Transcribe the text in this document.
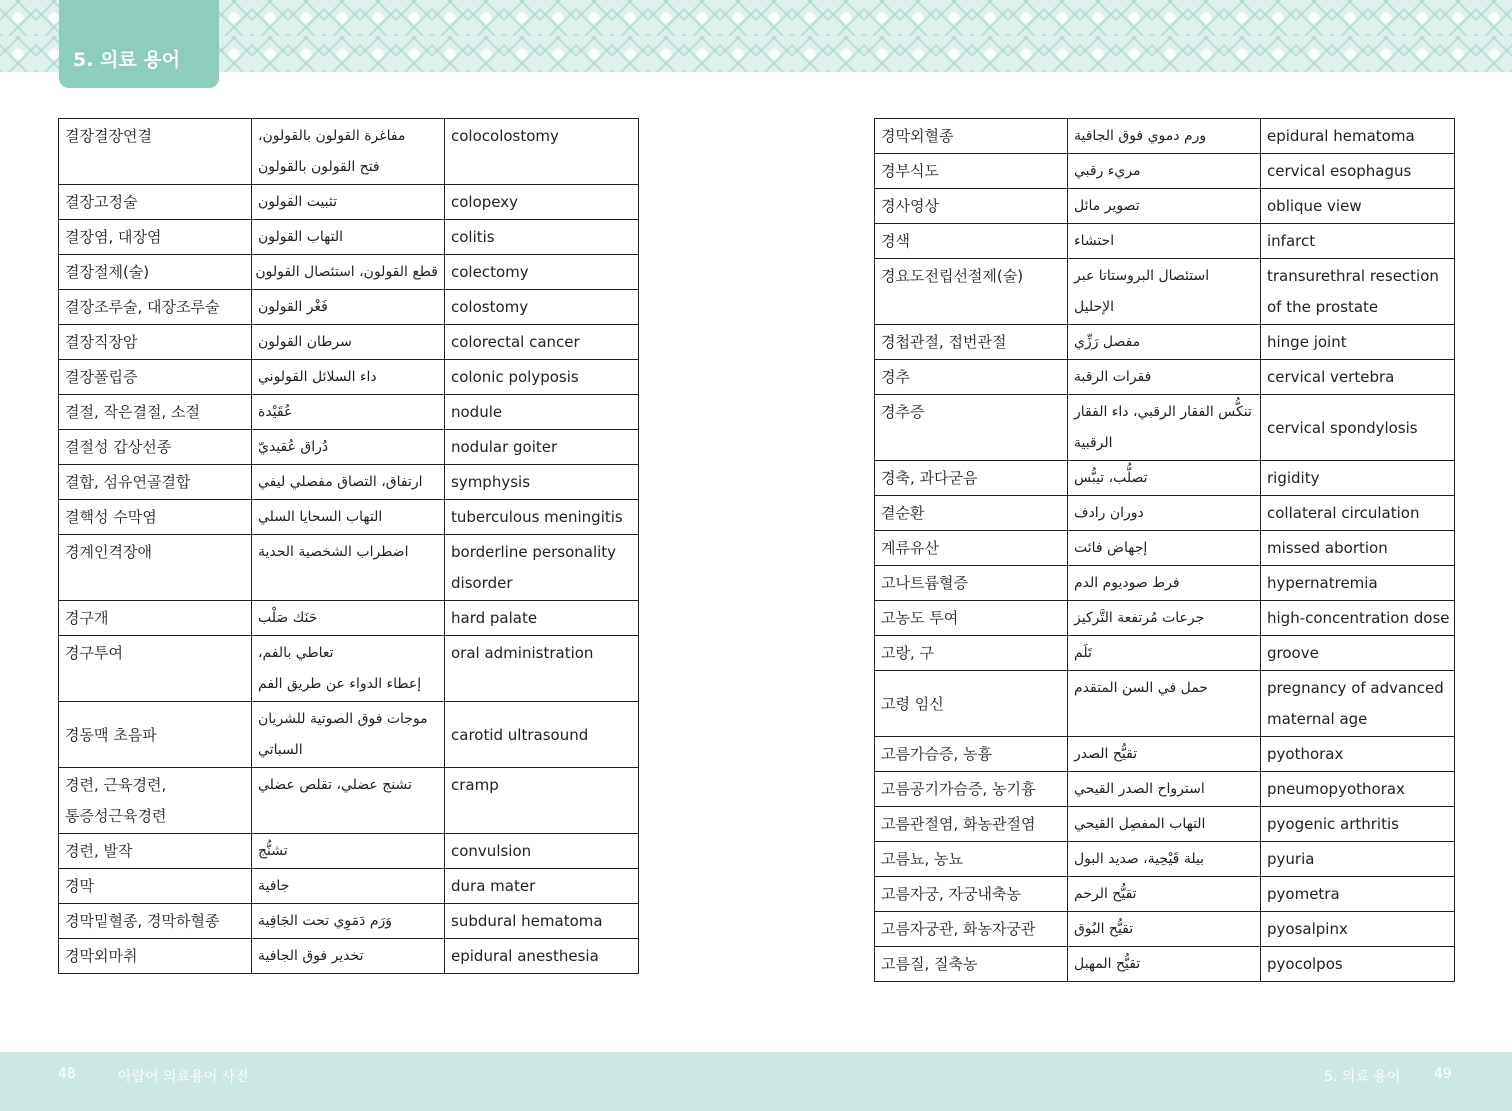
5. 의료 용어
결장결장연결	مفاغرة القولون بالقولون،
فتح القولون بالقولون	colocolostomy

결장고정술	تثبيت القولون	colopexy

결장염, 대장염	التهاب القولون	colitis

결장절제(술)	قطع القولون، استئصال القولون	colectomy

결장조루술, 대장조루술	فَغْر القولون	colostomy

결장직장암	سرطان القولون	colorectal cancer

결장폴립증	داء السلائل القولوني	colonic polyposis

결절, 작은결절, 소절	عُقَيْدة	nodule

결절성 갑상선종	دُراق عُقيديّ	nodular goiter

결합, 섬유연골결합	ارتفاق، التصاق مفصلي ليفي	symphysis

결핵성 수막염	التهاب السحايا السلي	tuberculous meningitis

경계인격장애	اضطراب الشخصية الحدية	borderline personality
disorder

경구개	حَنَك صَلْب	hard palate

경구투여	تعاطي بالفم،
إعطاء الدواء عن طريق الفم	oral administration

경동맥 초음파	موجات فوق الصوتية للشريان
السباتي	carotid ultrasound

경련, 근육경련,
통증성근육경련	تشنج عضلي، تقلص عضلي	cramp

경련, 발작	تشنُّج	convulsion

경막	جافية	dura mater

경막밑혈종, 경막하혈종	وَرَم دَمَوِي تحت الجَافِية	subdural hematoma

경막외마취	تخدير فوق الجافية	epidural anesthesia
경막외혈종	ورم دموي فوق الجافية	epidural hematoma

경부식도	مريء رقبي	cervical esophagus

경사영상	تصوير مائل	oblique view

경색	احتشاء	infarct

경요도전립선절제(술)	استئصال البروستاتا عبر
الإحليل	transurethral resection
of the prostate

경첩관절, 접번관절	مفصل رَزِّي	hinge joint

경추	فقرات الرقبة	cervical vertebra

경추증	تنكُّس الفقار الرقبي، داء الفقار
الرقبية	cervical spondylosis

경축, 과다굳음	تصلُّب، تيبُّس	rigidity

곁순환	دوران رادف	collateral circulation

계류유산	إجهاض فائت	missed abortion

고나트륨혈증	فرط صوديوم الدم	hypernatremia

고농도 투여	جرعات مُرتفعة التَّركيز	high-concentration dose

고랑, 구	تَلَم	groove

고령 임신	حمل في السن المتقدم	pregnancy of advanced
maternal age

고름가슴증, 농흉	تقيُّح الصدر	pyothorax

고름공기가슴증, 농기흉	استرواح الصدر القيحي	pneumopyothorax

고름관절염, 화농관절염	التهاب المفصِل القيحي	pyogenic arthritis

고름뇨, 농뇨	بيلة قَيْحِية، صديد البول	pyuria

고름자궁, 자궁내축농	تقيُّح الرحم	pyometra

고름자궁관, 화농자궁관	تقيُّح البُوق	pyosalpinx

고름질, 질축농	تقيُّح المهبل	pyocolpos
48	아랍어 의료용어 사전	5. 의료 용어 49
